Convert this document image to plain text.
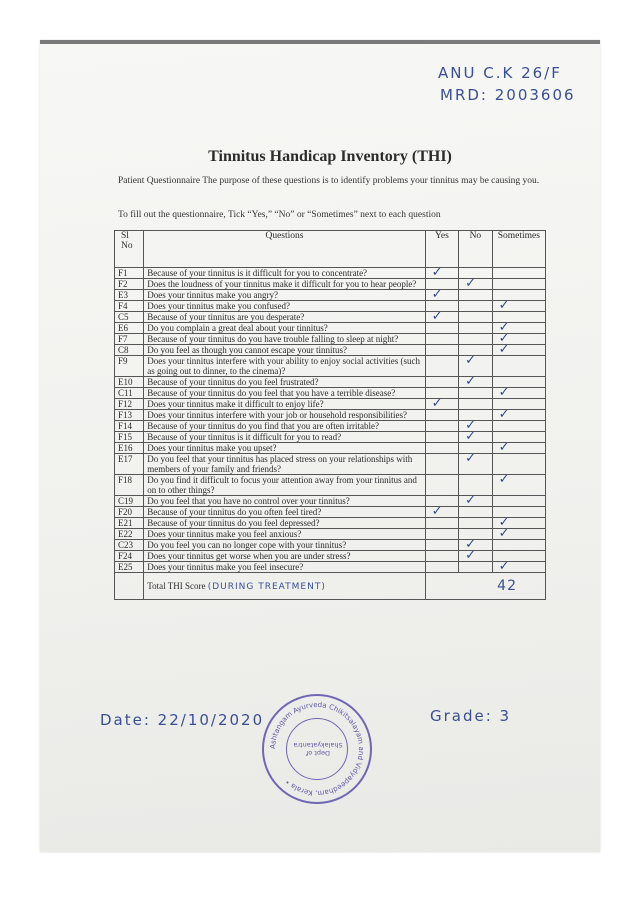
ANU C.K 26/F
MRD: 2003606
Tinnitus Handicap Inventory (THI)
Patient Questionnaire The purpose of these questions is to identify problems your tinnitus may be causing you.
To fill out the questionnaire, Tick “Yes,” “No” or “Sometimes” next to each question
Sl No	Questions	Yes	No	Sometimes
F1	Because of your tinnitus is it difficult for you to concentrate?	✓		

F2	Does the loudness of your tinnitus make it difficult for you to hear people?		✓	

E3	Does your tinnitus make you angry?	✓		

F4	Does your tinnitus make you confused?			✓

C5	Because of your tinnitus are you desperate?	✓		

E6	Do you complain a great deal about your tinnitus?			✓

F7	Because of your tinnitus do you have trouble falling to sleep at night?			✓

C8	Do you feel as though you cannot escape your tinnitus?			✓

F9	Does your tinnitus interfere with your ability to enjoy social activities (such as going out to dinner, to the cinema)?		✓	

E10	Because of your tinnitus do you feel frustrated?		✓	

C11	Because of your tinnitus do you feel that you have a terrible disease?			✓

F12	Does your tinnitus make it difficult to enjoy life?	✓		

F13	Does your tinnitus interfere with your job or household responsibilities?			✓

F14	Because of your tinnitus do you find that you are often irritable?		✓	

F15	Because of your tinnitus is it difficult for you to read?		✓	

E16	Does your tinnitus make you upset?			✓

E17	Do you feel that your tinnitus has placed stress on your relationships with members of your family and friends?		✓	

F18	Do you find it difficult to focus your attention away from your tinnitus and on to other things?			✓

C19	Do you feel that you have no control over your tinnitus?		✓	

F20	Because of your tinnitus do you often feel tired?	✓		

E21	Because of your tinnitus do you feel depressed?			✓

E22	Does your tinnitus make you feel anxious?			✓

C23	Do you feel you can no longer cope with your tinnitus?		✓	

F24	Does your tinnitus get worse when you are under stress?		✓	

E25	Does your tinnitus make you feel insecure?			✓

	Total THI Score (DURING TREATMENT)	42		
Date: 22/10/2020	Grade: 3
Ashtangam Ayurveda Chikitsalayam and Vidyapeedham, Kerala •
Dept of Shalakyatantra
